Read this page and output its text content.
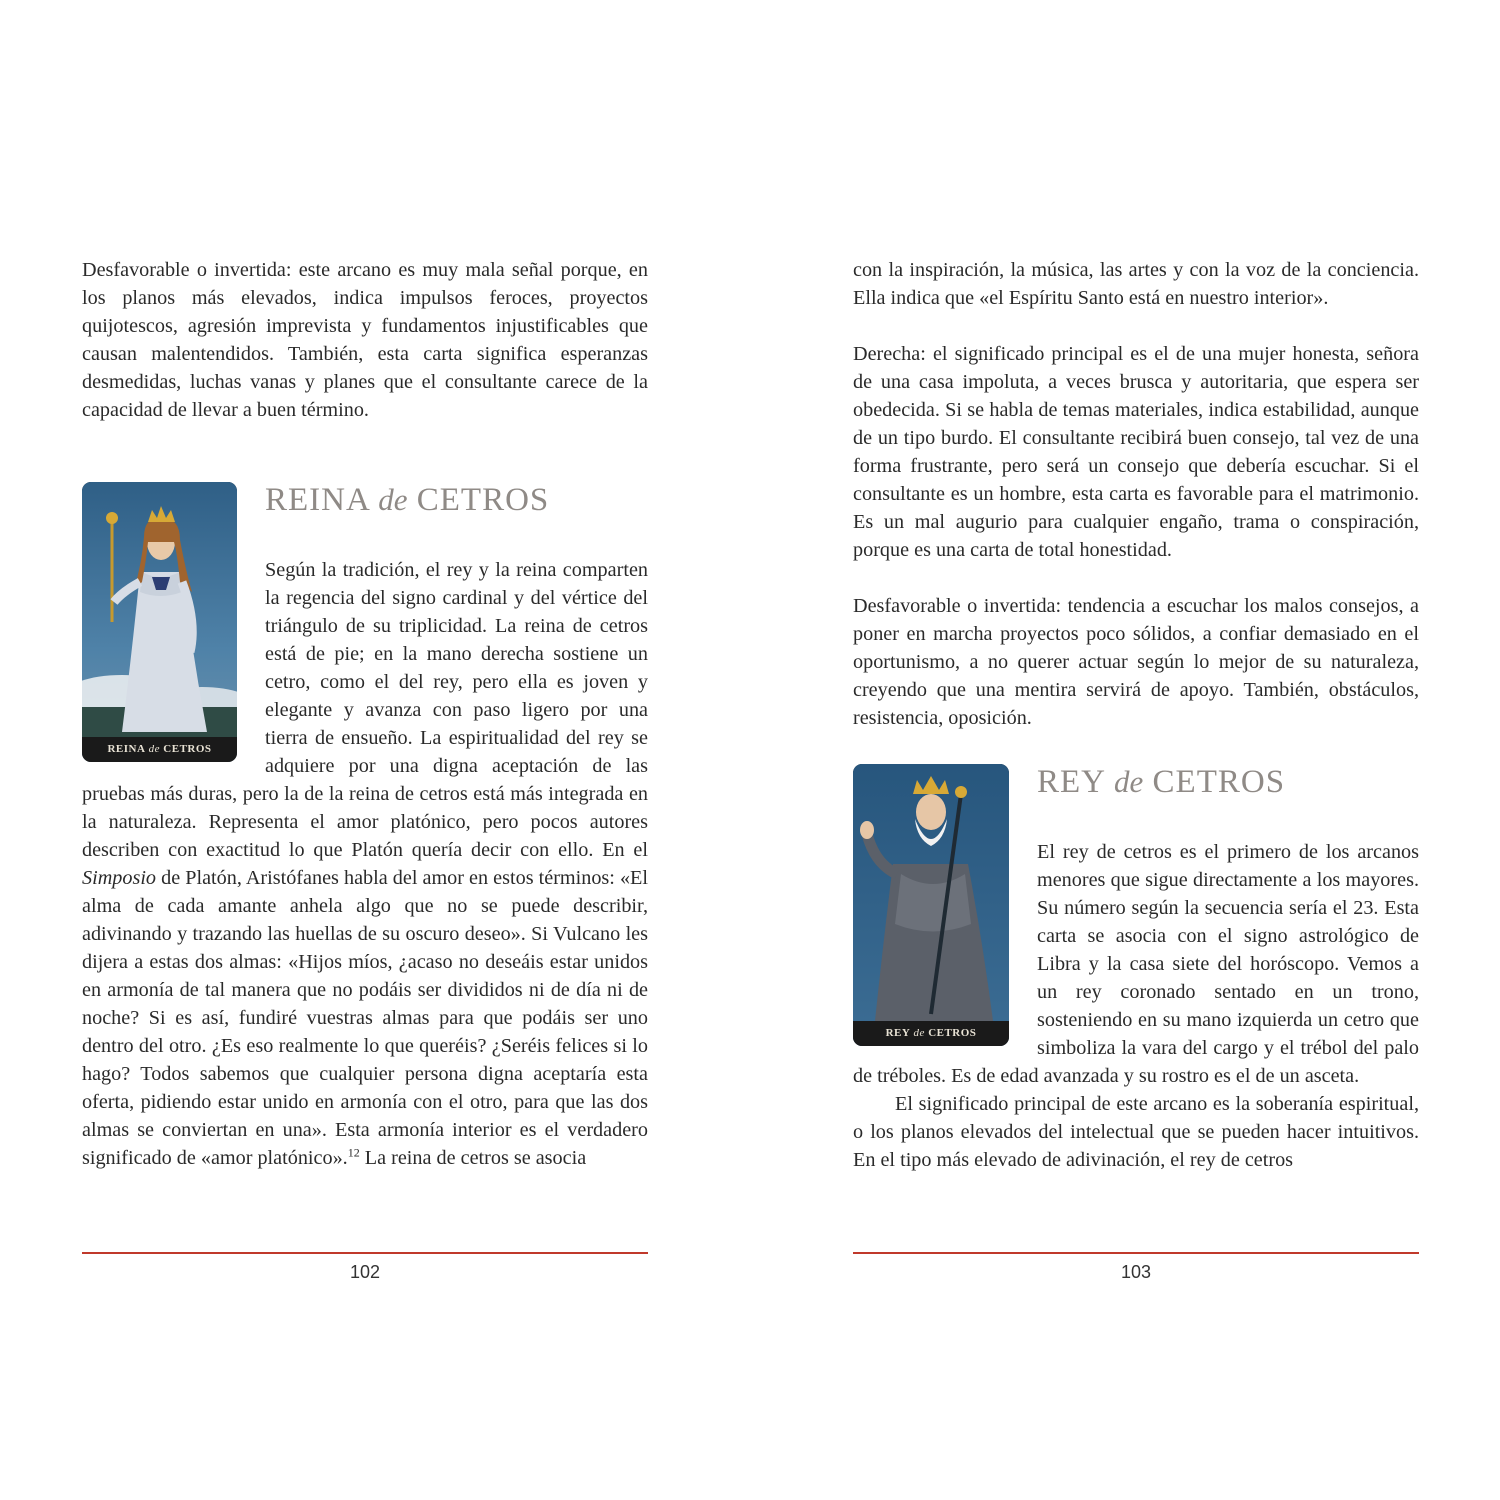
Desfavorable o invertida: este arcano es muy mala señal porque, en los planos más elevados, indica impulsos feroces, proyectos quijotescos, agresión imprevista y fundamentos injustificables que causan malentendidos. También, esta carta significa esperanzas desmedidas, luchas vanas y planes que el consultante carece de la capacidad de llevar a buen término.

REINA de CETROS
REINA de CETROS

Según la tradición, el rey y la reina comparten la regencia del signo cardinal y del vértice del triángulo de su triplicidad. La reina de cetros está de pie; en la mano derecha sostiene un cetro, como el del rey, pero ella es joven y elegante y avanza con paso ligero por una tierra de ensueño. La espiritualidad del rey se adquiere por una digna aceptación de las pruebas más duras, pero la de la reina de cetros está más integrada en la naturaleza. Representa el amor platónico, pero pocos autores describen con exactitud lo que Platón quería decir con ello. En el Simposio de Platón, Aristófanes habla del amor en estos términos: «El alma de cada amante anhela algo que no se puede describir, adivinando y trazando las huellas de su oscuro deseo». Si Vulcano les dijera a estas dos almas: «Hijos míos, ¿acaso no deseáis estar unidos en armonía de tal manera que no podáis ser divididos ni de día ni de noche? Si es así, fundiré vuestras almas para que podáis ser uno dentro del otro. ¿Es eso realmente lo que queréis? ¿Seréis felices si lo hago? Todos sabemos que cualquier persona digna aceptaría esta oferta, pidiendo estar unido en armonía con el otro, para que las dos almas se conviertan en una». Esta armonía interior es el verdadero significado de «amor platónico».$^{12}$ La reina de cetros se asocia

con la inspiración, la música, las artes y con la voz de la conciencia. Ella indica que «el Espíritu Santo está en nuestro interior».

Derecha: el significado principal es el de una mujer honesta, señora de una casa impoluta, a veces brusca y autoritaria, que espera ser obedecida. Si se habla de temas materiales, indica estabilidad, aunque de un tipo burdo. El consultante recibirá buen consejo, tal vez de una forma frustrante, pero será un consejo que debería escuchar. Si el consultante es un hombre, esta carta es favorable para el matrimonio. Es un mal augurio para cualquier engaño, trama o conspiración, porque es una carta de total honestidad.

Desfavorable o invertida: tendencia a escuchar los malos consejos, a poner en marcha proyectos poco sólidos, a confiar demasiado en el oportunismo, a no querer actuar según lo mejor de su naturaleza, creyendo que una mentira servirá de apoyo. También, obstáculos, resistencia, oposición.

REY de CETROS
REY de CETROS

El rey de cetros es el primero de los arcanos menores que sigue directamente a los mayores. Su número según la secuencia sería el 23. Esta carta se asocia con el signo astrológico de Libra y la casa siete del horóscopo. Vemos a un rey coronado sentado en un trono, sosteniendo en su mano izquierda un cetro que simboliza la vara del cargo y el trébol del palo de tréboles. Es de edad avanzada y su rostro es el de un asceta.

El significado principal de este arcano es la soberanía espiritual, o los planos elevados del intelectual que se pueden hacer intuitivos. En el tipo más elevado de adivinación, el rey de cetros

102	103
